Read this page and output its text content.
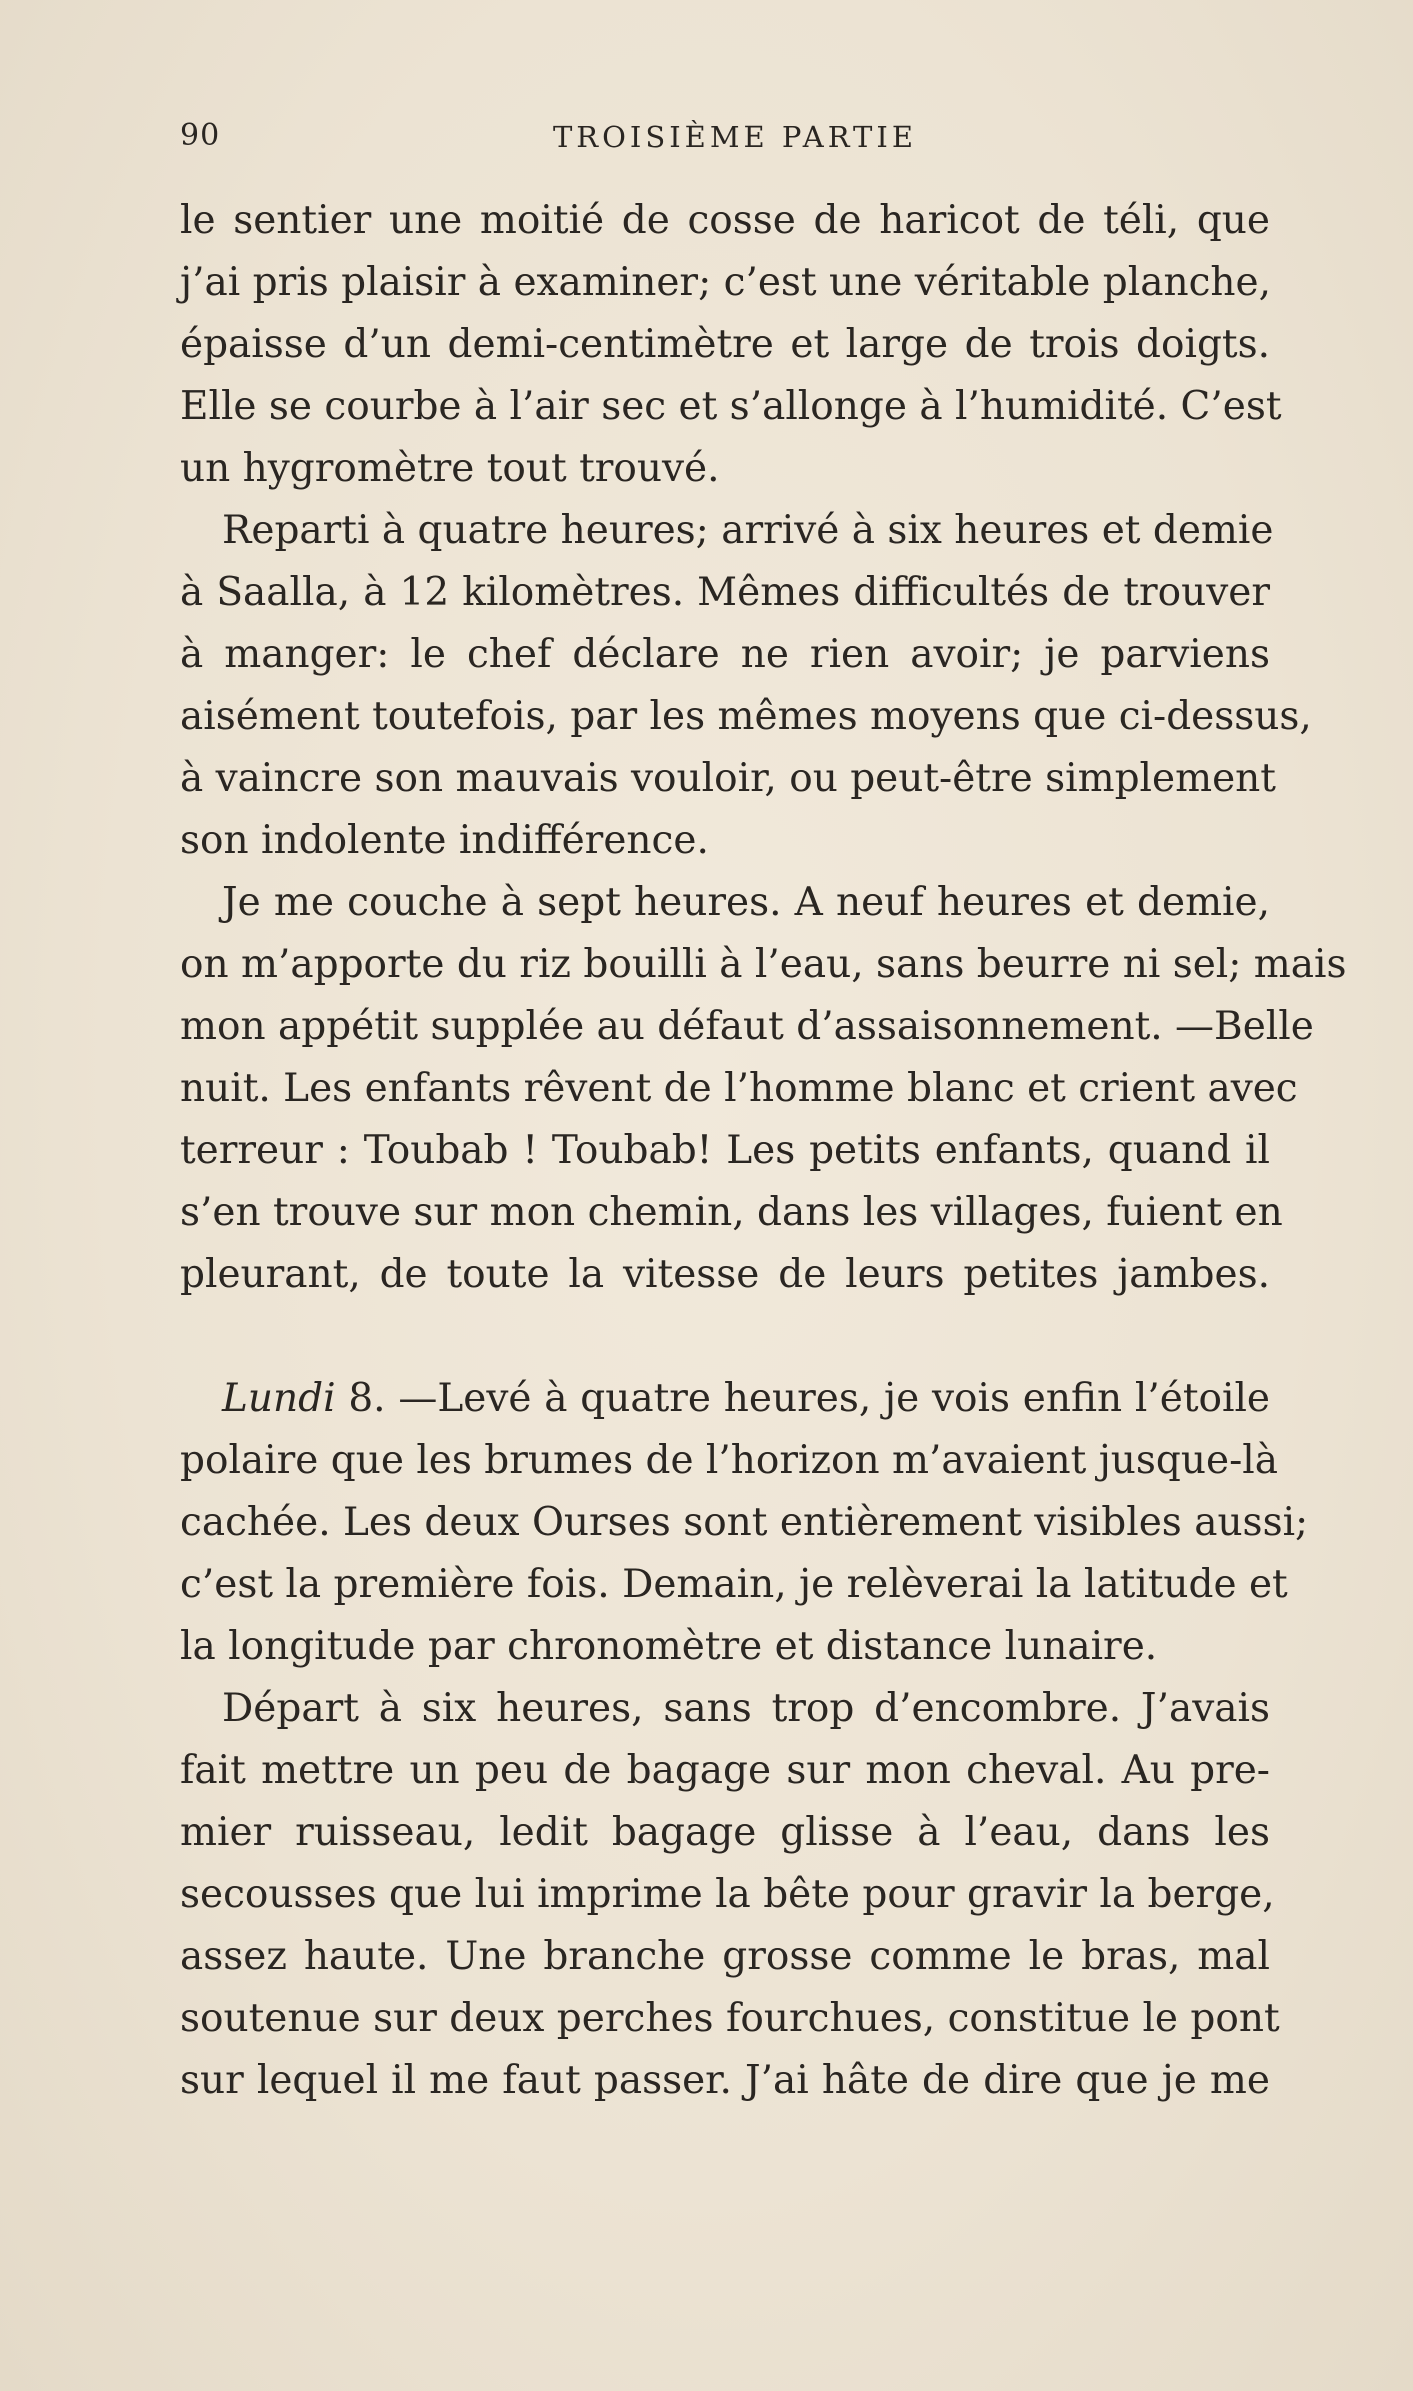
90	TROISIÈME PARTIE
le sentier une moitié de cosse de haricot de téli, que
j’ai pris plaisir à examiner; c’est une véritable planche,
épaisse d’un demi-centimètre et large de trois doigts.
Elle se courbe à l’air sec et s’allonge à l’humidité. C’est
un hygromètre tout trouvé.
Reparti à quatre heures; arrivé à six heures et demie
à Saalla, à 12 kilomètres. Mêmes difficultés de trouver
à manger: le chef déclare ne rien avoir; je parviens
aisément toutefois, par les mêmes moyens que ci-dessus,
à vaincre son mauvais vouloir, ou peut-être simplement
son indolente indifférence.
Je me couche à sept heures. A neuf heures et demie,
on m’apporte du riz bouilli à l’eau, sans beurre ni sel; mais
mon appétit supplée au défaut d’assaisonnement. —Belle
nuit. Les enfants rêvent de l’homme blanc et crient avec
terreur : Toubab ! Toubab! Les petits enfants, quand il
s’en trouve sur mon chemin, dans les villages, fuient en
pleurant, de toute la vitesse de leurs petites jambes.
Lundi 8. —Levé à quatre heures, je vois enfin l’étoile
polaire que les brumes de l’horizon m’avaient jusque-là
cachée. Les deux Ourses sont entièrement visibles aussi;
c’est la première fois. Demain, je relèverai la latitude et
la longitude par chronomètre et distance lunaire.
Départ à six heures, sans trop d’encombre. J’avais
fait mettre un peu de bagage sur mon cheval. Au pre-
mier ruisseau, ledit bagage glisse à l’eau, dans les
secousses que lui imprime la bête pour gravir la berge,
assez haute. Une branche grosse comme le bras, mal
soutenue sur deux perches fourchues, constitue le pont
sur lequel il me faut passer. J’ai hâte de dire que je me
